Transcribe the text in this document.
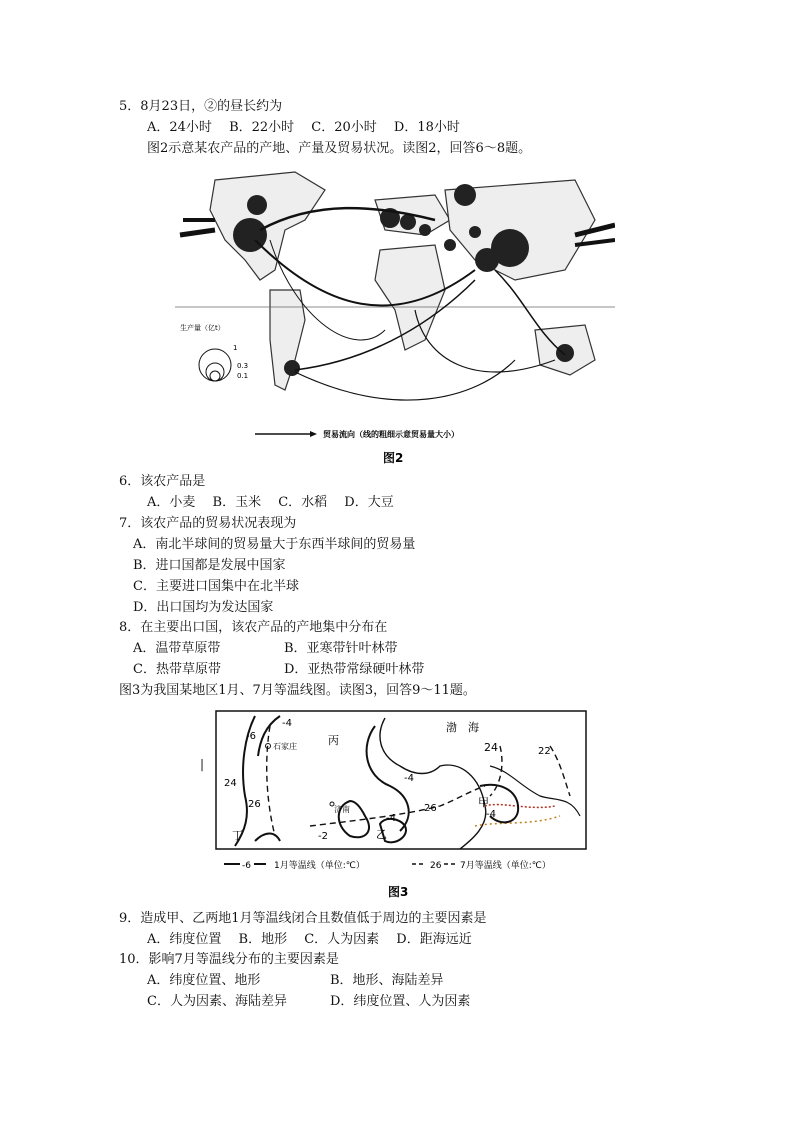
5．8月23日，②的昼长约为
A．24小时　 B．22小时　 C．20小时　 D．18小时
图2示意某农产品的产地、产量及贸易状况。读图2，回答6～8题。
生产量（亿t）
1
0.3
0.1
贸易流向（线的粗细示意贸易量大小）
图2
6．该农产品是
A．小麦　 B．玉米　 C．水稻　 D．大豆
7．该农产品的贸易状况表现为
A．南北半球间的贸易量大于东西半球间的贸易量
B．进口国都是发展中国家
C．主要进口国集中在北半球
D．出口国均为发达国家
8．在主要出口国，该农产品的产地集中分布在
A．温带草原带	B．亚寒带针叶林带
C．热带草原带	D．亚热带常绿硬叶林带
图3为我国某地区1月、7月等温线图。读图3，回答9～11题。
渤 海
丙
甲
乙
丁
石家庄
济南
-4
-6
24
26
-4
24	22
26
-4
-2
-4
-6	1月等温线（单位:℃）	26 7月等温线（单位:℃）
图3
|
9．造成甲、乙两地1月等温线闭合且数值低于周边的主要因素是
A．纬度位置　 B．地形　 C．人为因素　 D．距海远近
10．影响7月等温线分布的主要因素是
A．纬度位置、地形	B．地形、海陆差异
C．人为因素、海陆差异	D．纬度位置、人为因素
